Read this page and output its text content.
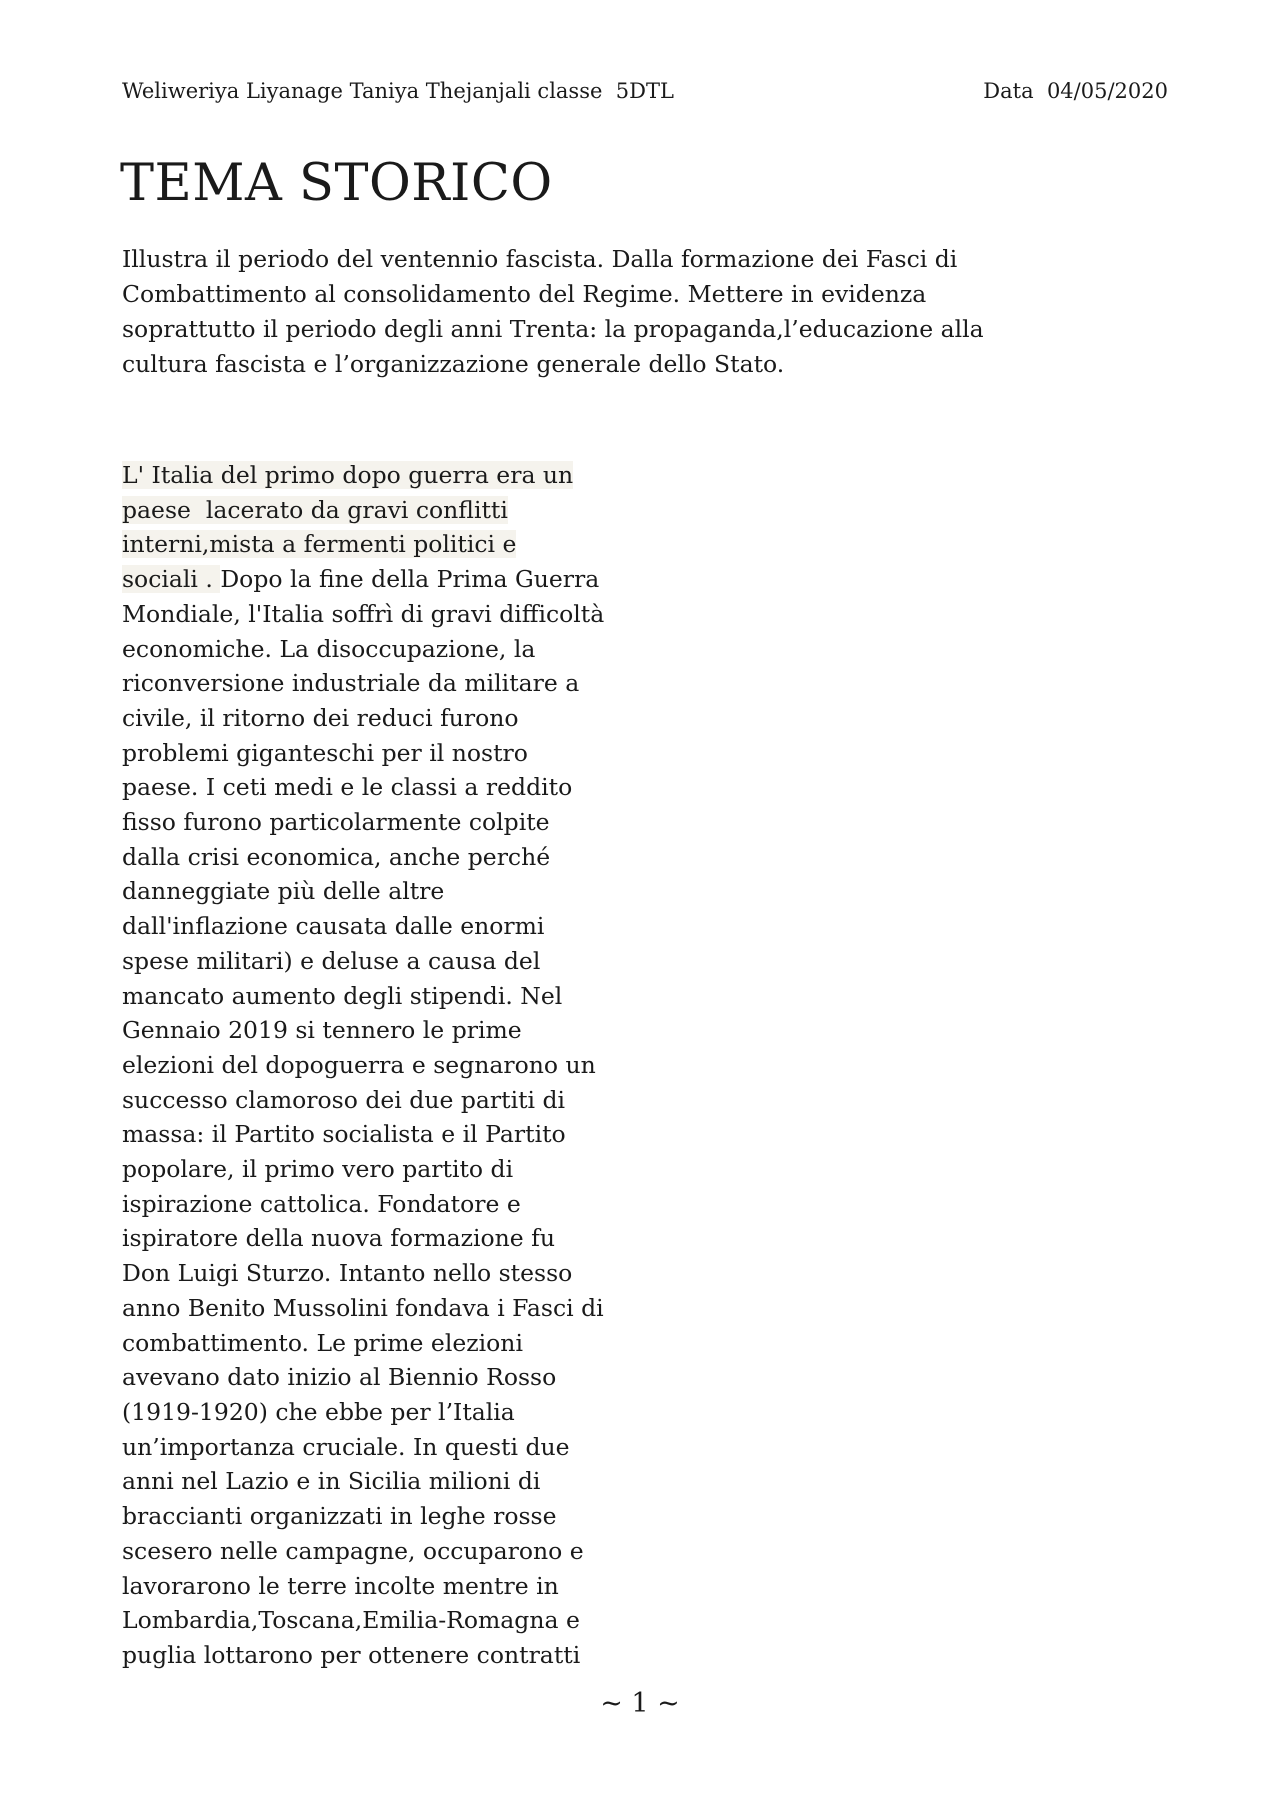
Weliweriya Liyanage Taniya Thejanjali classe  5DTL	Data  04/05/2020
TEMA STORICO
Illustra il periodo del ventennio fascista. Dalla formazione dei Fasci di
Combattimento al consolidamento del Regime. Mettere in evidenza
soprattutto il periodo degli anni Trenta: la propaganda,l’educazione alla
cultura fascista e l’organizzazione generale dello Stato.
L' Italia del primo dopo guerra era un
paese  lacerato da gravi conflitti
interni,mista a fermenti politici e
sociali . Dopo la fine della Prima Guerra
Mondiale, l'Italia soffrì di gravi difficoltà
economiche. La disoccupazione, la
riconversione industriale da militare a
civile, il ritorno dei reduci furono
problemi giganteschi per il nostro
paese. I ceti medi e le classi a reddito
fisso furono particolarmente colpite
dalla crisi economica, anche perché
danneggiate più delle altre
dall'inflazione causata dalle enormi
spese militari) e deluse a causa del
mancato aumento degli stipendi. Nel
Gennaio 2019 si tennero le prime
elezioni del dopoguerra e segnarono un
successo clamoroso dei due partiti di
massa: il Partito socialista e il Partito
popolare, il primo vero partito di
ispirazione cattolica. Fondatore e
ispiratore della nuova formazione fu
Don Luigi Sturzo. Intanto nello stesso
anno Benito Mussolini fondava i Fasci di
combattimento. Le prime elezioni
avevano dato inizio al Biennio Rosso
(1919-1920) che ebbe per l’Italia
un’importanza cruciale. In questi due
anni nel Lazio e in Sicilia milioni di
braccianti organizzati in leghe rosse
scesero nelle campagne, occuparono e
lavorarono le terre incolte mentre in
Lombardia,Toscana,Emilia-Romagna e
puglia lottarono per ottenere contratti
~ 1 ~
